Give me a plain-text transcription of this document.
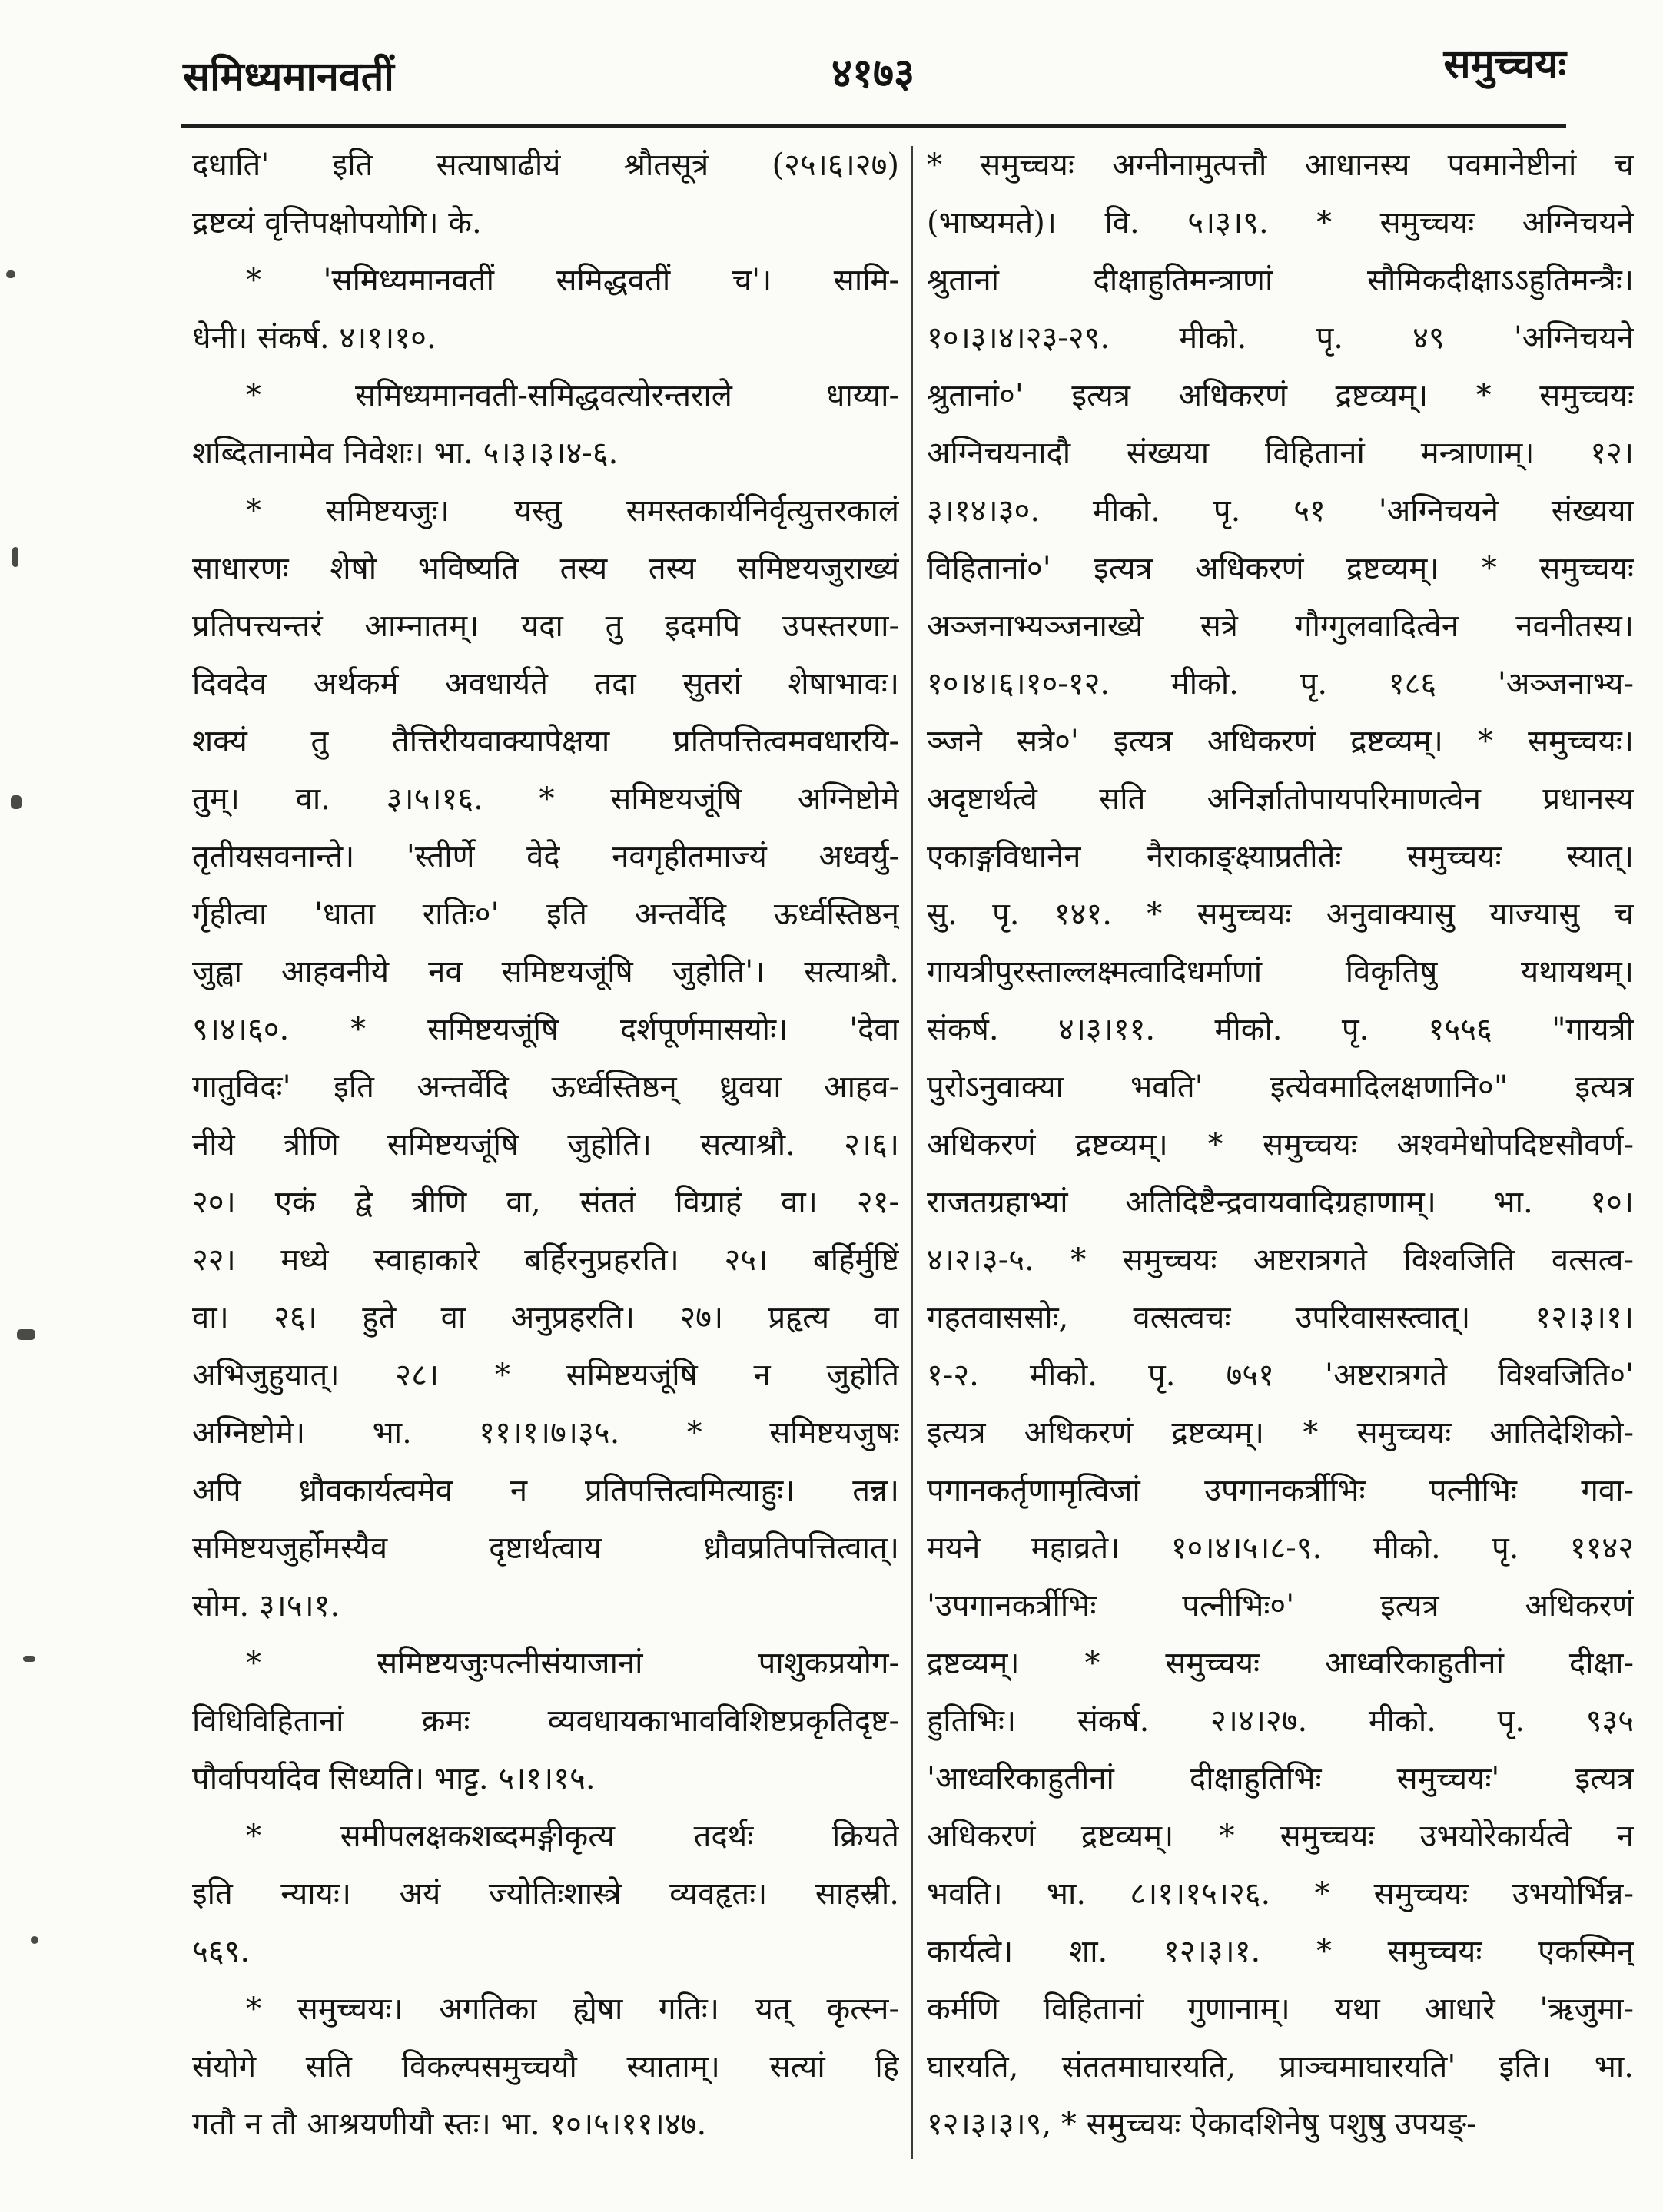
समिध्यमानवतीं	४१७३	समुच्चयः
दधाति' इति सत्याषाढीयं श्रौतसूत्रं (२५।६।२७)
द्रष्टव्यं वृत्तिपक्षोपयोगि। के.
* 'समिध्यमानवतीं समिद्धवतीं च'। सामि-
धेनी। संकर्ष. ४।१।१०.
* समिध्यमानवती-समिद्धवत्योरन्तराले धाय्या-
शब्दितानामेव निवेशः। भा. ५।३।३।४-६.
* समिष्टयजुः। यस्तु समस्तकार्यनिर्वृत्युत्तरकालं
साधारणः शेषो भविष्यति तस्य तस्य समिष्टयजुराख्यं
प्रतिपत्त्यन्तरं आम्नातम्। यदा तु इदमपि उपस्तरणा-
दिवदेव अर्थकर्म अवधार्यते तदा सुतरां शेषाभावः।
शक्यं तु तैत्तिरीयवाक्यापेक्षया प्रतिपत्तित्वमवधारयि-
तुम्। वा. ३।५।१६. * समिष्टयजूंषि अग्निष्टोमे
तृतीयसवनान्ते। 'स्तीर्णे वेदे नवगृहीतमाज्यं अध्वर्यु-
र्गृहीत्वा 'धाता रातिः०' इति अन्तर्वेदि ऊर्ध्वस्तिष्ठन्
जुह्वा आहवनीये नव समिष्टयजूंषि जुहोति'। सत्याश्रौ.
९।४।६०. * समिष्टयजूंषि दर्शपूर्णमासयोः। 'देवा
गातुविदः' इति अन्तर्वेदि ऊर्ध्वस्तिष्ठन् ध्रुवया आहव-
नीये त्रीणि समिष्टयजूंषि जुहोति। सत्याश्रौ. २।६।
२०। एकं द्वे त्रीणि वा, संततं विग्राहं वा। २१-
२२। मध्ये स्वाहाकारे बर्हिरनुप्रहरति। २५। बर्हिर्मुष्टिं
वा। २६। हुते वा अनुप्रहरति। २७। प्रहृत्य वा
अभिजुहुयात्। २८। * समिष्टयजूंषि न जुहोति
अग्निष्टोमे। भा. ११।१।७।३५. * समिष्टयजुषः
अपि ध्रौवकार्यत्वमेव न प्रतिपत्तित्वमित्याहुः। तन्न।
समिष्टयजुर्होमस्यैव दृष्टार्थत्वाय ध्रौवप्रतिपत्तित्वात्।
सोम. ३।५।१.
* समिष्टयजुःपत्नीसंयाजानां पाशुकप्रयोग-
विधिविहितानां क्रमः व्यवधायकाभावविशिष्टप्रकृतिदृष्ट-
पौर्वापर्यादेव सिध्यति। भाट्ट. ५।१।१५.
* समीपलक्षकशब्दमङ्गीकृत्य तदर्थः क्रियते
इति न्यायः। अयं ज्योतिःशास्त्रे व्यवहृतः। साहस्री.
५६९.
* समुच्चयः। अगतिका ह्येषा गतिः। यत् कृत्स्न-
संयोगे सति विकल्पसमुच्चयौ स्याताम्। सत्यां हि
गतौ न तौ आश्रयणीयौ स्तः। भा. १०।५।११।४७.
* समुच्चयः अग्नीनामुत्पत्तौ आधानस्य पवमानेष्टीनां च
(भाष्यमते)। वि. ५।३।९. * समुच्चयः अग्निचयने
श्रुतानां दीक्षाहुतिमन्त्राणां सौमिकदीक्षाऽऽहुतिमन्त्रैः।
१०।३।४।२३-२९. मीको. पृ. ४९ 'अग्निचयने
श्रुतानां०' इत्यत्र अधिकरणं द्रष्टव्यम्। * समुच्चयः
अग्निचयनादौ संख्यया विहितानां मन्त्राणाम्। १२।
३।१४।३०. मीको. पृ. ५१ 'अग्निचयने संख्यया
विहितानां०' इत्यत्र अधिकरणं द्रष्टव्यम्। * समुच्चयः
अञ्जनाभ्यञ्जनाख्ये सत्रे गौग्गुलवादित्वेन नवनीतस्य।
१०।४।६।१०-१२. मीको. पृ. १८६ 'अञ्जनाभ्य-
ञ्जने सत्रे०' इत्यत्र अधिकरणं द्रष्टव्यम्। * समुच्चयः।
अदृष्टार्थत्वे सति अनिर्ज्ञातोपायपरिमाणत्वेन प्रधानस्य
एकाङ्गविधानेन नैराकाङ्क्ष्याप्रतीतेः समुच्चयः स्यात्।
सु. पृ. १४१. * समुच्चयः अनुवाक्यासु याज्यासु च
गायत्रीपुरस्ताल्लक्ष्मत्वादिधर्माणां विकृतिषु यथायथम्।
संकर्ष. ४।३।११. मीको. पृ. १५५६ "गायत्री
पुरोऽनुवाक्या भवति' इत्येवमादिलक्षणानि०" इत्यत्र
अधिकरणं द्रष्टव्यम्। * समुच्चयः अश्वमेधोपदिष्टसौवर्ण-
राजतग्रहाभ्यां अतिदिष्टैन्द्रवायवादिग्रहाणाम्। भा. १०।
४।२।३-५. * समुच्चयः अष्टरात्रगते विश्वजिति वत्सत्व-
गहतवाससोः, वत्सत्वचः उपरिवासस्त्वात्। १२।३।१।
१-२. मीको. पृ. ७५१ 'अष्टरात्रगते विश्वजिति०'
इत्यत्र अधिकरणं द्रष्टव्यम्। * समुच्चयः आतिदेशिको-
पगानकर्तृणामृत्विजां उपगानकर्त्रीभिः पत्नीभिः गवा-
मयने महाव्रते। १०।४।५।८-९. मीको. पृ. ११४२
'उपगानकर्त्रीभिः पत्नीभिः०' इत्यत्र अधिकरणं
द्रष्टव्यम्। * समुच्चयः आध्वरिकाहुतीनां दीक्षा-
हुतिभिः। संकर्ष. २।४।२७. मीको. पृ. ९३५
'आध्वरिकाहुतीनां दीक्षाहुतिभिः समुच्चयः' इत्यत्र
अधिकरणं द्रष्टव्यम्। * समुच्चयः उभयोरेकार्यत्वे न
भवति। भा. ८।१।१५।२६. * समुच्चयः उभयोर्भिन्न-
कार्यत्वे। शा. १२।३।१. * समुच्चयः एकस्मिन्
कर्मणि विहितानां गुणानाम्। यथा आधारे 'ऋजुमा-
घारयति, संततमाघारयति, प्राञ्चमाघारयति' इति। भा.
१२।३।३।९, * समुच्चयः ऐकादशिनेषु पशुषु उपयङ्-
